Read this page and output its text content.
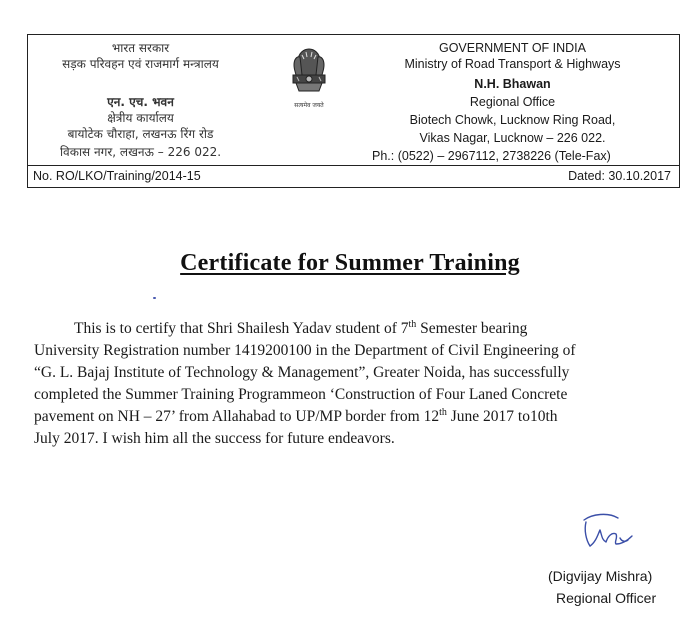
भारत सरकार
सड़क परिवहन एवं राजमार्ग मन्त्रालय
एन. एच. भवन
क्षेत्रीय कार्यालय
बायोटेक चौराहा, लखनऊ रिंग रोड
विकास नगर, लखनऊ – 226 022.
सत्यमेव जयते
GOVERNMENT OF INDIA
Ministry of Road Transport & Highways
N.H. Bhawan
Regional Office
Biotech Chowk, Lucknow Ring Road,
Vikas Nagar, Lucknow – 226 022.
Ph.: (0522) – 2967112, 2738226 (Tele-Fax)
No. RO/LKO/Training/2014-15	Dated: 30.10.2017
Certificate for Summer Training
This is to certify that Shri Shailesh Yadav student of 7th Semester bearing
University Registration number 1419200100 in the Department of Civil Engineering of
“G. L. Bajaj Institute of Technology & Management”, Greater Noida, has successfully
completed the Summer Training Programmeon ‘Construction of Four Laned Concrete
pavement on NH – 27’ from Allahabad to UP/MP border from 12th June 2017 to10th
July 2017. I wish him all the success for future endeavors.
(Digvijay Mishra)
Regional Officer
